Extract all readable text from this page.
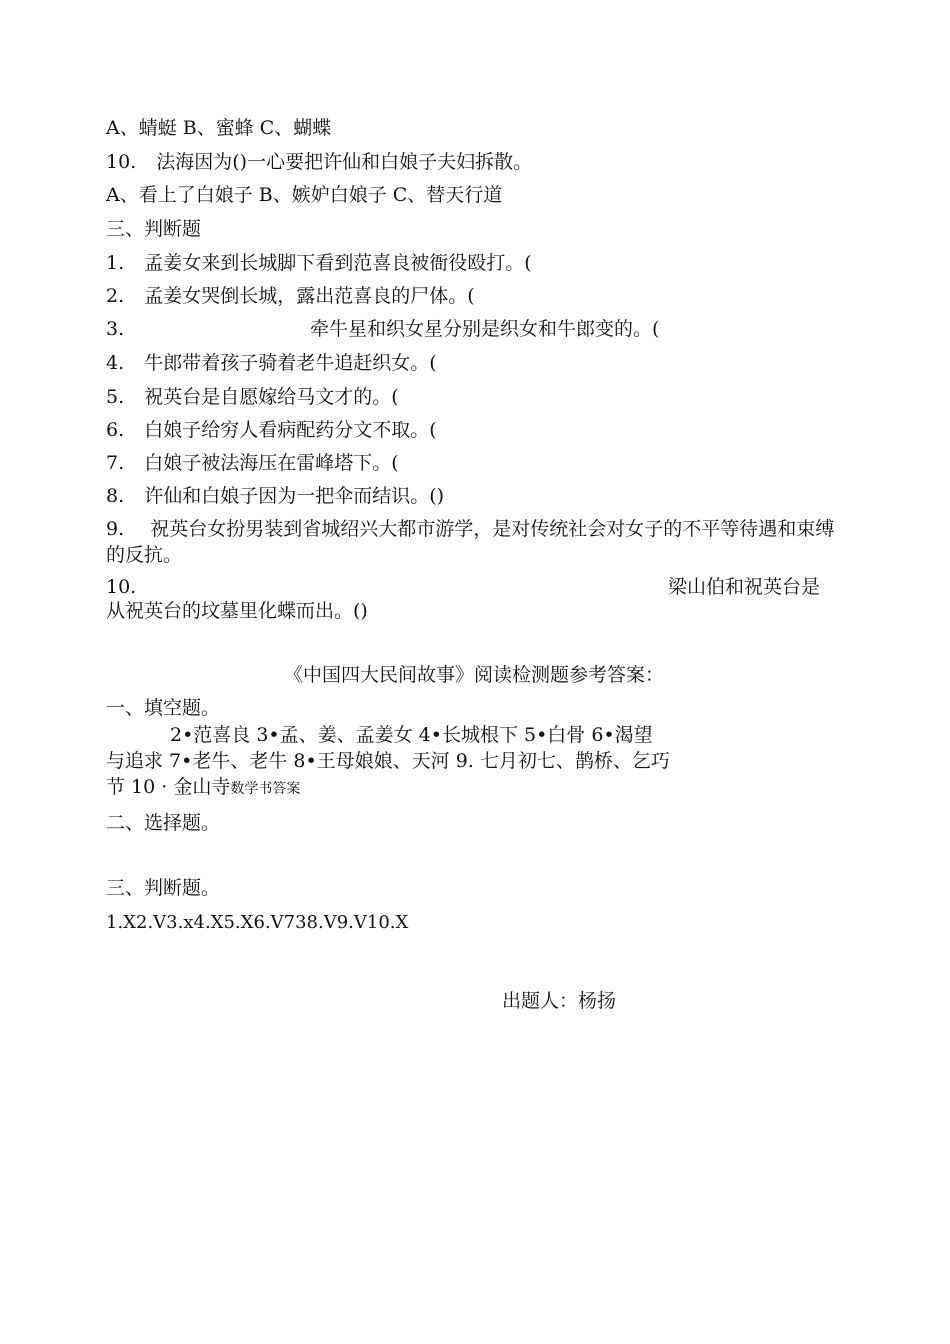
A、蜻蜓 B、蜜蜂 C、蝴蝶
10. 法海因为()一心要把许仙和白娘子夫妇拆散。
A、看上了白娘子 B、嫉妒白娘子 C、替天行道
三、判断题
1. 孟姜女来到长城脚下看到范喜良被衙役殴打。(
2. 孟姜女哭倒长城，露出范喜良的尸体。(
3.	牵牛星和织女星分别是织女和牛郎变的。(
4. 牛郎带着孩子骑着老牛追赶织女。(
5. 祝英台是自愿嫁给马文才的。(
6. 白娘子给穷人看病配药分文不取。(
7. 白娘子被法海压在雷峰塔下。(
8. 许仙和白娘子因为一把伞而结识。()
9. 祝英台女扮男装到省城绍兴大都市游学，是对传统社会对女子的不平等待遇和束缚的反抗。
10.	梁山伯和祝英台是
从祝英台的坟墓里化蝶而出。()
《中国四大民间故事》阅读检测题参考答案：
一、填空题。
2•范喜良 3•孟、姜、孟姜女 4•长城根下 5•白骨 6•渴望
与追求 7•老牛、老牛 8•王母娘娘、天河 9. 七月初七、鹊桥、乞巧
节 10 · 金山寺数学书答案
二、选择题。
三、判断题。
1.X2.V3.x4.X5.X6.V738.V9.V10.X
出题人：杨扬
